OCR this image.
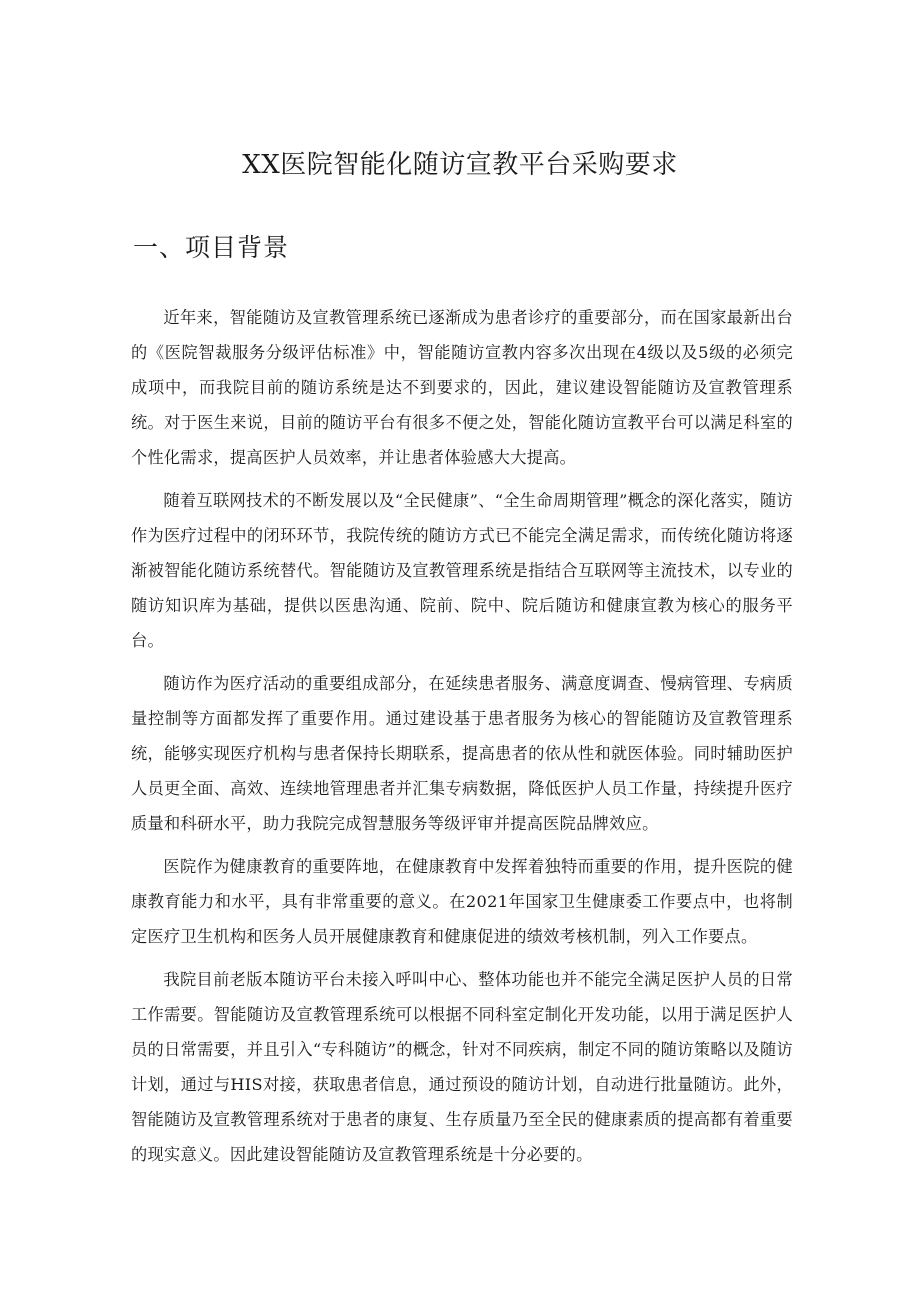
XX医院智能化随访宣教平台采购要求
一、项目背景

近年来，智能随访及宣教管理系统已逐渐成为患者诊疗的重要部分，而在国家最新出台的《医院智裁服务分级评估标准》中，智能随访宣教内容多次出现在4级以及5级的必须完成项中，而我院目前的随访系统是达不到要求的，因此，建议建设智能随访及宣教管理系统。对于医生来说，目前的随访平台有很多不便之处，智能化随访宣教平台可以满足科室的个性化需求，提高医护人员效率，并让患者体验感大大提高。

随着互联网技术的不断发展以及“全民健康”、“全生命周期管理”概念的深化落实，随访作为医疗过程中的闭环环节，我院传统的随访方式已不能完全满足需求，而传统化随访将逐渐被智能化随访系统替代。智能随访及宣教管理系统是指结合互联网等主流技术，以专业的随访知识库为基础，提供以医患沟通、院前、院中、院后随访和健康宣教为核心的服务平台。

随访作为医疗活动的重要组成部分，在延续患者服务、满意度调查、慢病管理、专病质量控制等方面都发挥了重要作用。通过建设基于患者服务为核心的智能随访及宣教管理系统，能够实现医疗机构与患者保持长期联系，提高患者的依从性和就医体验。同时辅助医护人员更全面、高效、连续地管理患者并汇集专病数据，降低医护人员工作量，持续提升医疗质量和科研水平，助力我院完成智慧服务等级评审并提高医院品牌效应。

医院作为健康教育的重要阵地，在健康教育中发挥着独特而重要的作用，提升医院的健康教育能力和水平，具有非常重要的意义。在2021年国家卫生健康委工作要点中，也将制定医疗卫生机构和医务人员开展健康教育和健康促进的绩效考核机制，列入工作要点。

我院目前老版本随访平台未接入呼叫中心、整体功能也并不能完全满足医护人员的日常工作需要。智能随访及宣教管理系统可以根据不同科室定制化开发功能，以用于满足医护人员的日常需要，并且引入“专科随访”的概念，针对不同疾病，制定不同的随访策略以及随访计划，通过与HIS对接，获取患者信息，通过预设的随访计划，自动进行批量随访。此外，智能随访及宣教管理系统对于患者的康复、生存质量乃至全民的健康素质的提高都有着重要的现实意义。因此建设智能随访及宣教管理系统是十分必要的。
